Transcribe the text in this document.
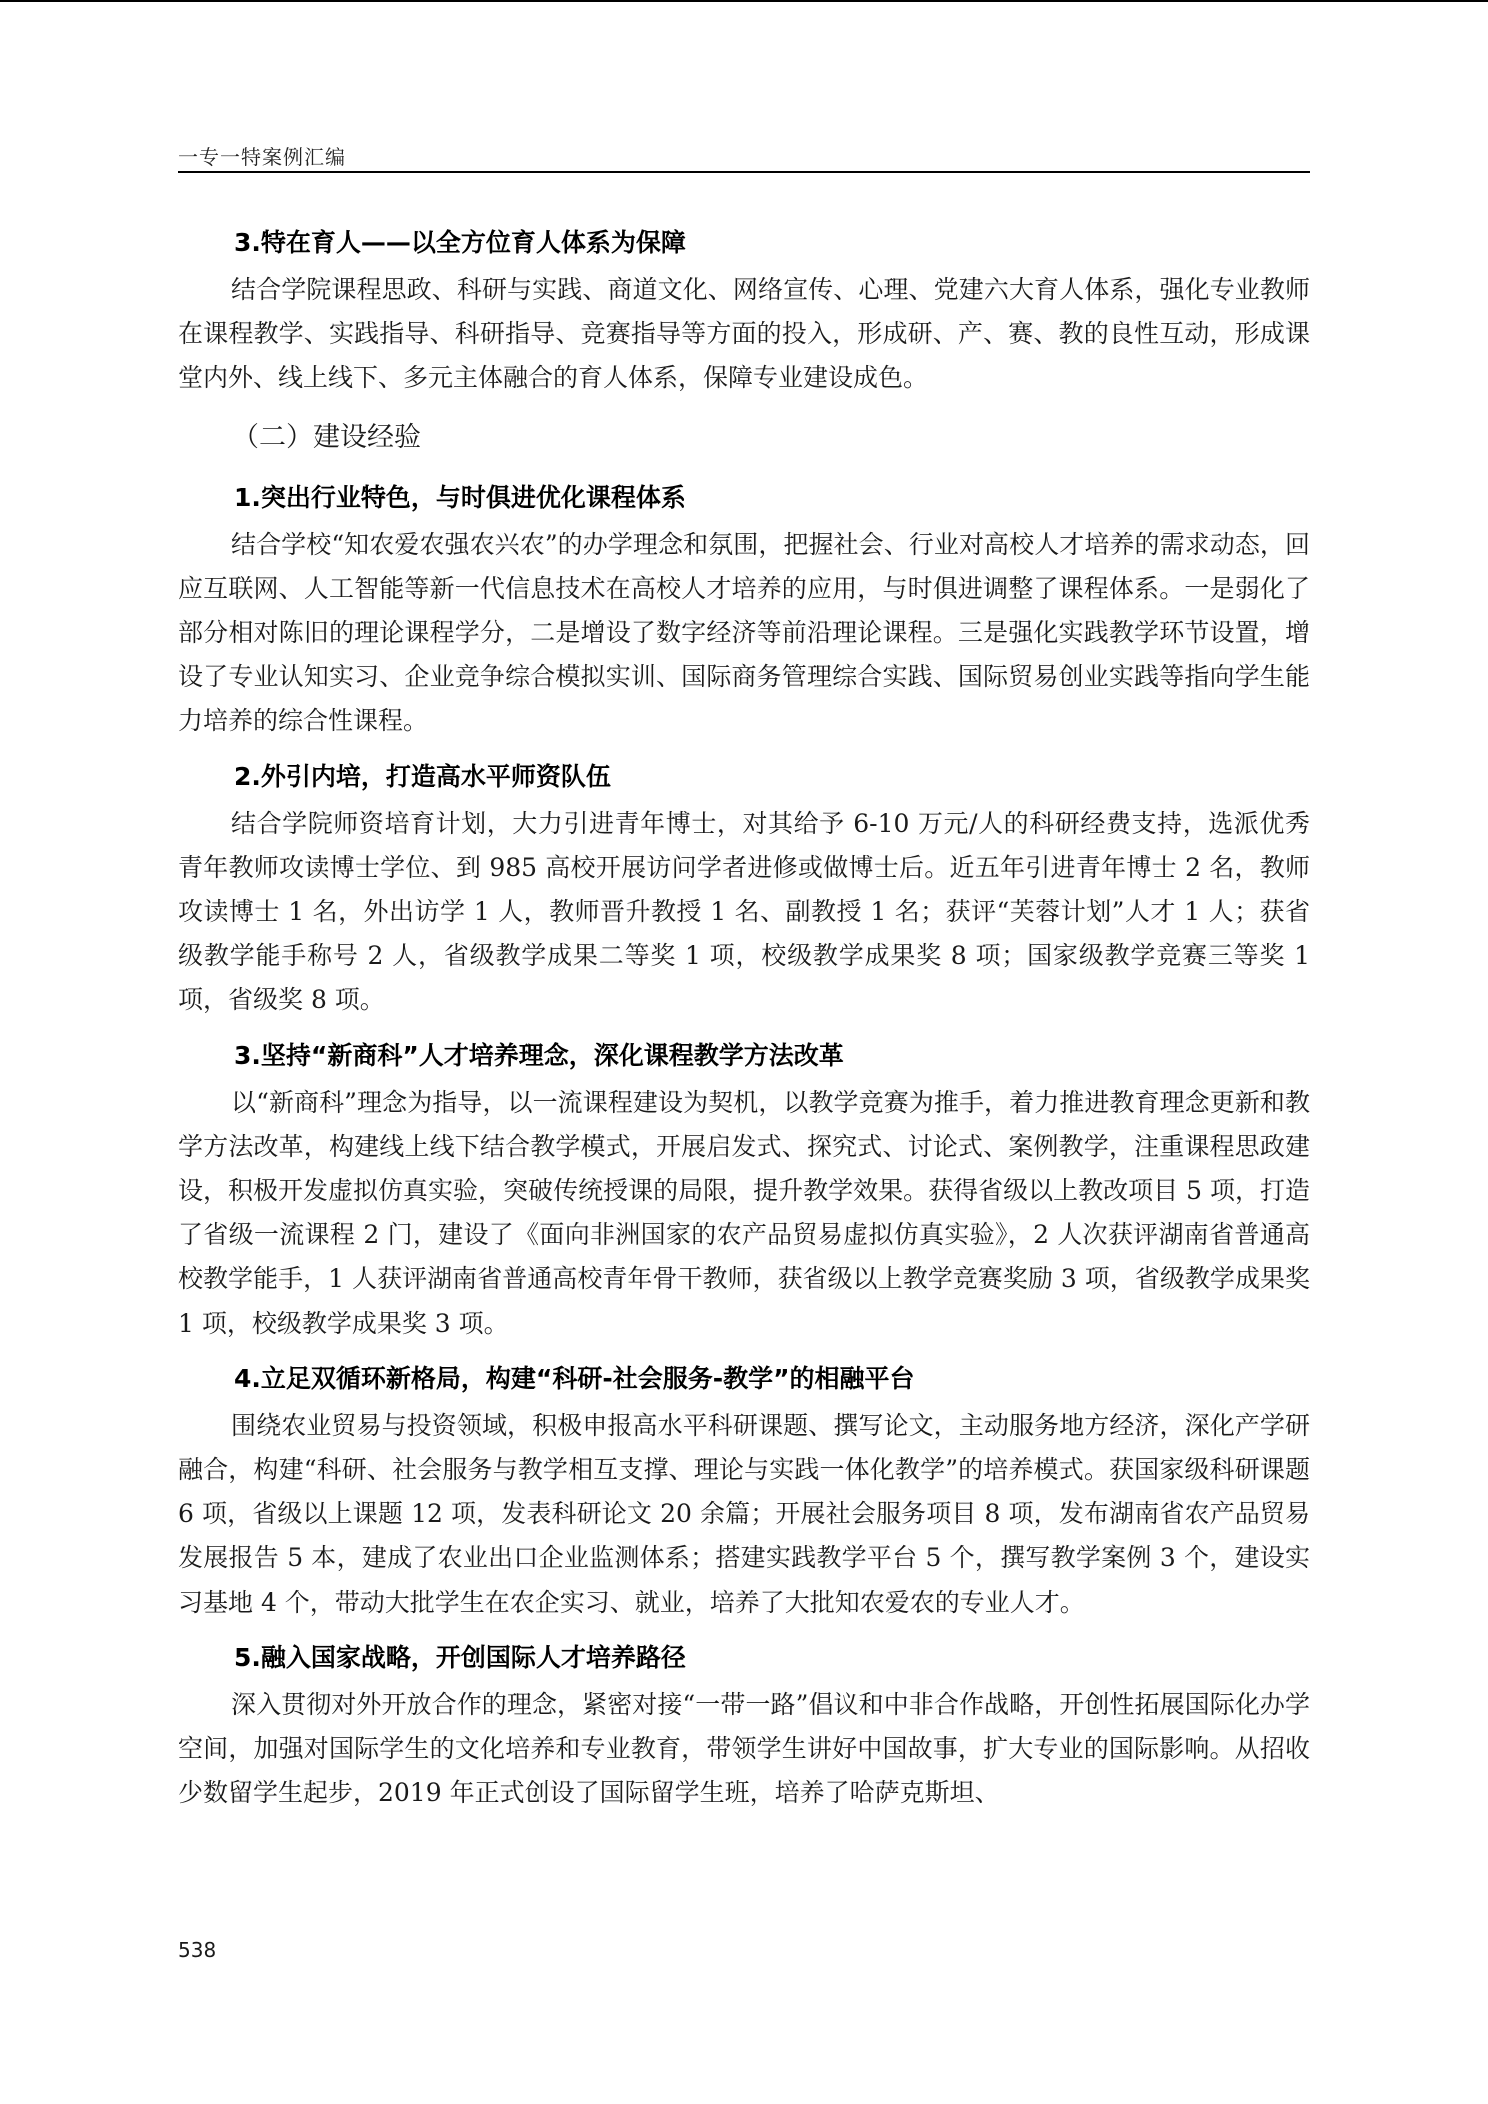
一专一特案例汇编
3.特在育人——以全方位育人体系为保障

结合学院课程思政、科研与实践、商道文化、网络宣传、心理、党建六大育人体系，强化专业教师在课程教学、实践指导、科研指导、竞赛指导等方面的投入，形成研、产、赛、教的良性互动，形成课堂内外、线上线下、多元主体融合的育人体系，保障专业建设成色。

（二）建设经验
1.突出行业特色，与时俱进优化课程体系

结合学校“知农爱农强农兴农”的办学理念和氛围，把握社会、行业对高校人才培养的需求动态，回应互联网、人工智能等新一代信息技术在高校人才培养的应用，与时俱进调整了课程体系。一是弱化了部分相对陈旧的理论课程学分，二是增设了数字经济等前沿理论课程。三是强化实践教学环节设置，增设了专业认知实习、企业竞争综合模拟实训、国际商务管理综合实践、国际贸易创业实践等指向学生能力培养的综合性课程。

2.外引内培，打造高水平师资队伍

结合学院师资培育计划，大力引进青年博士，对其给予 6-10 万元/人的科研经费支持，选派优秀青年教师攻读博士学位、到 985 高校开展访问学者进修或做博士后。近五年引进青年博士 2 名，教师攻读博士 1 名，外出访学 1 人，教师晋升教授 1 名、副教授 1 名；获评“芙蓉计划”人才 1 人；获省级教学能手称号 2 人，省级教学成果二等奖 1 项，校级教学成果奖 8 项；国家级教学竞赛三等奖 1 项，省级奖 8 项。

3.坚持“新商科”人才培养理念，深化课程教学方法改革

以“新商科”理念为指导，以一流课程建设为契机，以教学竞赛为推手，着力推进教育理念更新和教学方法改革，构建线上线下结合教学模式，开展启发式、探究式、讨论式、案例教学，注重课程思政建设，积极开发虚拟仿真实验，突破传统授课的局限，提升教学效果。获得省级以上教改项目 5 项，打造了省级一流课程 2 门，建设了《面向非洲国家的农产品贸易虚拟仿真实验》，2 人次获评湖南省普通高校教学能手，1 人获评湖南省普通高校青年骨干教师，获省级以上教学竞赛奖励 3 项，省级教学成果奖 1 项，校级教学成果奖 3 项。

4.立足双循环新格局，构建“科研-社会服务-教学”的相融平台

围绕农业贸易与投资领域，积极申报高水平科研课题、撰写论文，主动服务地方经济，深化产学研融合，构建“科研、社会服务与教学相互支撑、理论与实践一体化教学”的培养模式。获国家级科研课题 6 项，省级以上课题 12 项，发表科研论文 20 余篇；开展社会服务项目 8 项，发布湖南省农产品贸易发展报告 5 本，建成了农业出口企业监测体系；搭建实践教学平台 5 个，撰写教学案例 3 个，建设实习基地 4 个，带动大批学生在农企实习、就业，培养了大批知农爱农的专业人才。

5.融入国家战略，开创国际人才培养路径

深入贯彻对外开放合作的理念，紧密对接“一带一路”倡议和中非合作战略，开创性拓展国际化办学空间，加强对国际学生的文化培养和专业教育，带领学生讲好中国故事，扩大专业的国际影响。从招收少数留学生起步，2019 年正式创设了国际留学生班，培养了哈萨克斯坦、

538
